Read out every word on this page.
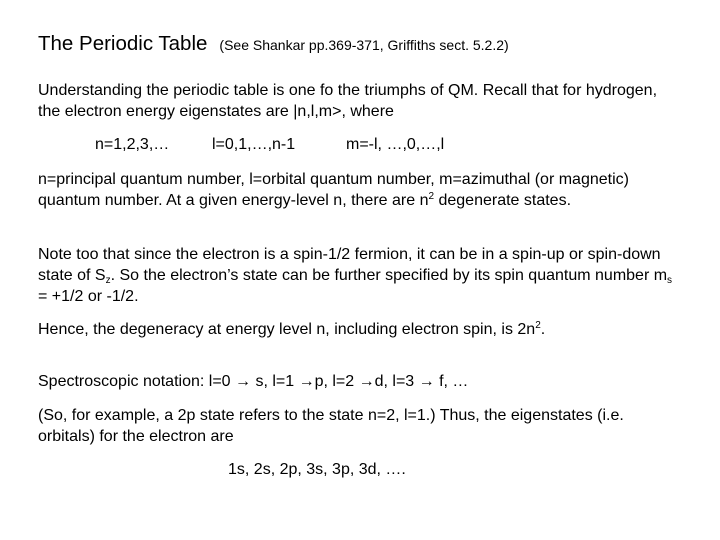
The Periodic Table (See Shankar pp.369-371, Griffiths sect. 5.2.2)
Understanding the periodic table is one fo the triumphs of QM. Recall that for hydrogen, the electron energy eigenstates are |n,l,m>, where
n=1,2,3,…	l=0,1,…,n-1	m=-l, …,0,…,l
n=principal quantum number, l=orbital quantum number, m=azimuthal (or magnetic) quantum number. At a given energy-level n, there are $n^2$ degenerate states.
Note too that since the electron is a spin-1/2 fermion, it can be in a spin-up or spin-down state of $S_z$. So the electron’s state can be further specified by its spin quantum number $m_s = +1/2$ or -1/2.
Hence, the degeneracy at energy level n, including electron spin, is $2n^2$.
Spectroscopic notation: l=0 → s, l=1 →p, l=2 →d, l=3 → f, …
(So, for example, a 2p state refers to the state n=2, l=1.) Thus, the eigenstates (i.e. orbitals) for the electron are
1s, 2s, 2p, 3s, 3p, 3d, ….
